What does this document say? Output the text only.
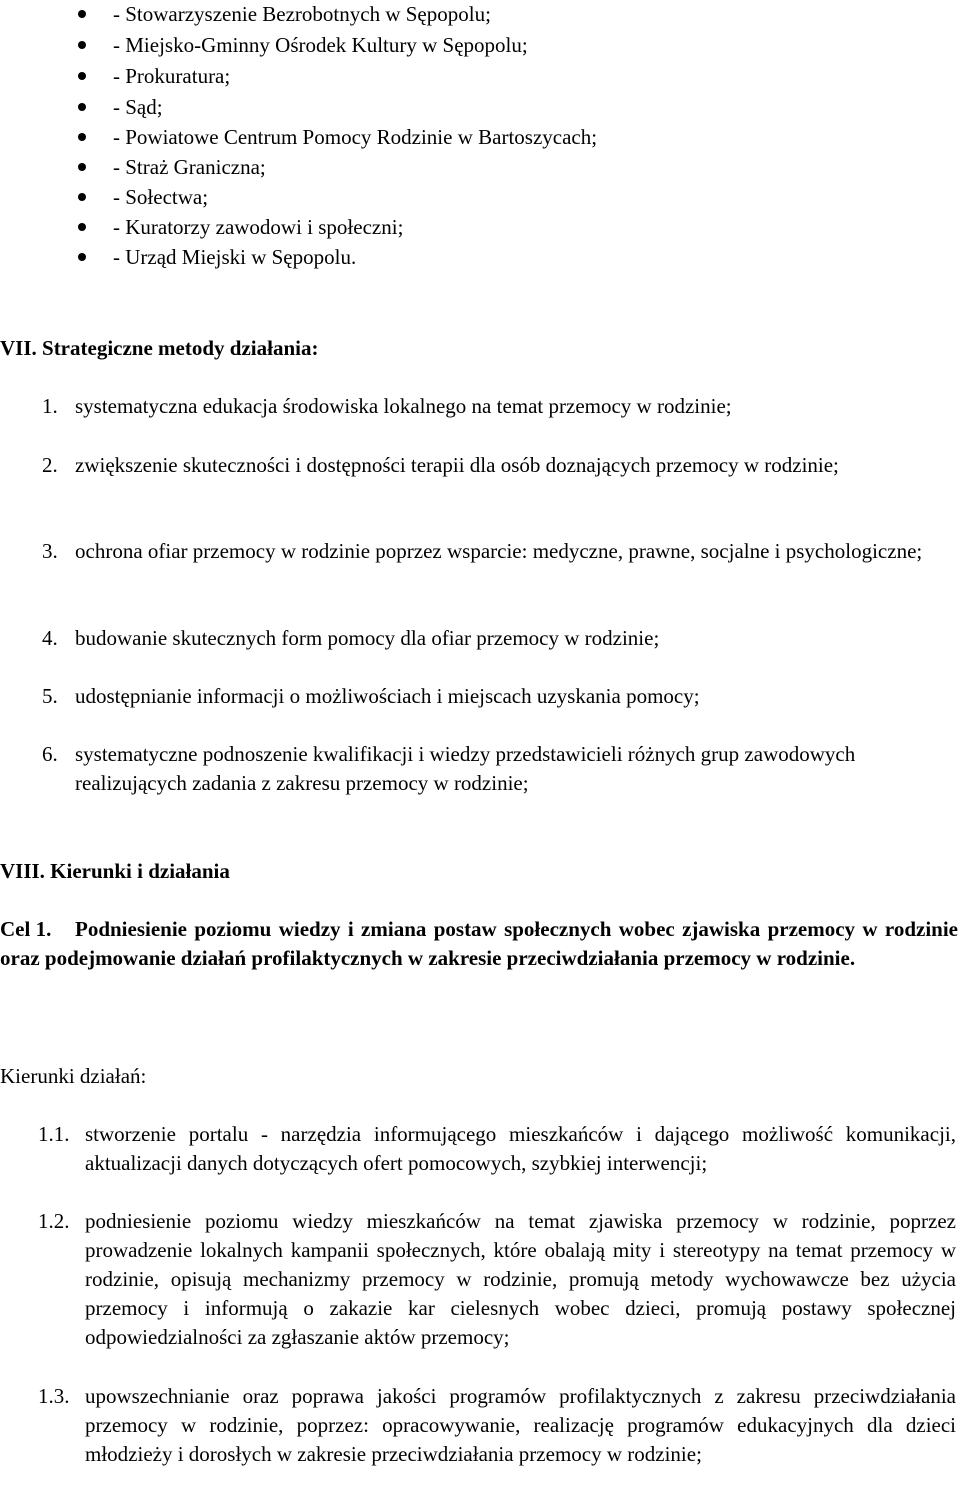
- Stowarzyszenie Bezrobotnych w Sępopolu;
- Miejsko-Gminny Ośrodek Kultury w Sępopolu;
- Prokuratura;
- Sąd;
- Powiatowe Centrum Pomocy Rodzinie w Bartoszycach;
- Straż Graniczna;
- Sołectwa;
- Kuratorzy zawodowi i społeczni;
- Urząd Miejski w Sępopolu.
VII. Strategiczne metody działania:
1. systematyczna edukacja środowiska lokalnego na temat przemocy w rodzinie;
2. zwiększenie skuteczności i dostępności terapii dla osób doznających przemocy w rodzinie;
3. ochrona ofiar przemocy w rodzinie poprzez wsparcie: medyczne, prawne, socjalne i psychologiczne;
4. budowanie skutecznych form pomocy dla ofiar przemocy w rodzinie;
5. udostępnianie informacji o możliwościach i miejscach uzyskania pomocy;
6. systematyczne podnoszenie kwalifikacji i wiedzy przedstawicieli różnych grup zawodowych realizujących zadania z zakresu przemocy w rodzinie;
VIII. Kierunki i działania
Cel 1. Podniesienie poziomu wiedzy i zmiana postaw społecznych wobec zjawiska przemocy w rodzinie oraz podejmowanie działań profilaktycznych w zakresie przeciwdziałania przemocy w rodzinie.
Kierunki działań:
1.1. stworzenie portalu - narzędzia informującego mieszkańców i dającego możliwość komunikacji, aktualizacji danych dotyczących ofert pomocowych, szybkiej interwencji;
1.2. podniesienie poziomu wiedzy mieszkańców na temat zjawiska przemocy w rodzinie, poprzez prowadzenie lokalnych kampanii społecznych, które obalają mity i stereotypy na temat przemocy w rodzinie, opisują mechanizmy przemocy w rodzinie, promują metody wychowawcze bez użycia przemocy i informują o zakazie kar cielesnych wobec dzieci, promują postawy społecznej odpowiedzialności za zgłaszanie aktów przemocy;
1.3. upowszechnianie oraz poprawa jakości programów profilaktycznych z zakresu przeciwdziałania przemocy w rodzinie, poprzez: opracowywanie, realizację programów edukacyjnych dla dzieci młodzieży i dorosłych w zakresie przeciwdziałania przemocy w rodzinie;
